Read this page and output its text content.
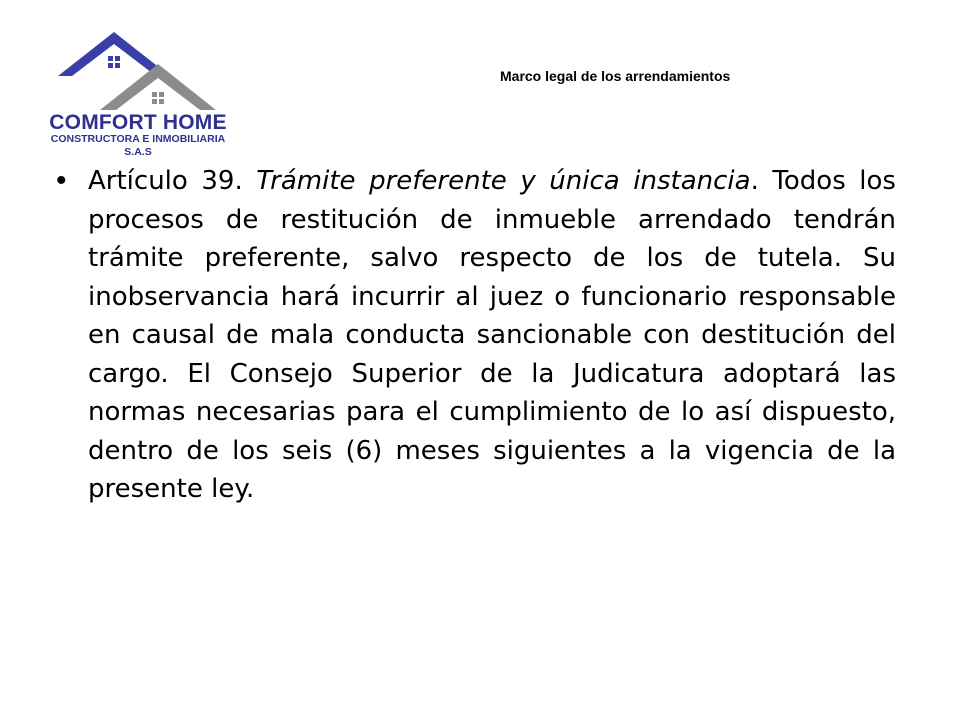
COMFORT HOME
CONSTRUCTORA E INMOBILIARIA
S.A.S
Marco legal de los arrendamientos
• Artículo 39. Trámite preferente y única instancia. Todos los procesos de restitución de inmueble arrendado tendrán trámite preferente, salvo respecto de los de tutela. Su inobservancia hará incurrir al juez o funcionario responsable en causal de mala conducta sancionable con destitución del cargo. El Consejo Superior de la Judicatura adoptará las normas necesarias para el cumplimiento de lo así dispuesto, dentro de los seis (6) meses siguientes a la vigencia de la presente ley.
